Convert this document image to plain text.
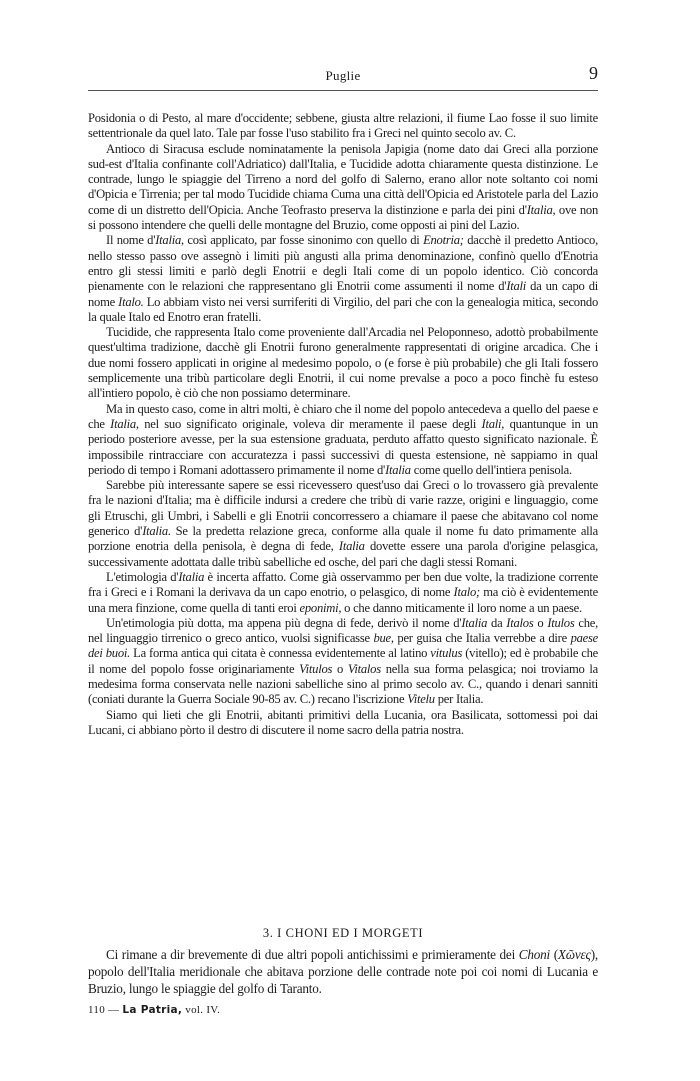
Puglie	9

Posidonia o di Pesto, al mare d'occidente; sebbene, giusta altre relazioni, il fiume Lao fosse il suo limite settentrionale da quel lato. Tale par fosse l'uso stabilito fra i Greci nel quinto secolo av. C.

Antioco di Siracusa esclude nominatamente la penisola Japigia (nome dato dai Greci alla porzione sud-est d'Italia confinante coll'Adriatico) dall'Italia, e Tucidide adotta chiaramente questa distinzione. Le contrade, lungo le spiaggie del Tirreno a nord del golfo di Salerno, erano allor note soltanto coi nomi d'Opicia e Tirrenia; per tal modo Tucidide chiama Cuma una città dell'Opicia ed Aristotele parla del Lazio come di un distretto dell'Opicia. Anche Teofrasto preserva la distinzione e parla dei pini d'Italia, ove non si possono intendere che quelli delle montagne del Bruzio, come opposti ai pini del Lazio.

Il nome d'Italia, così applicato, par fosse sinonimo con quello di Enotria; dacchè il predetto Antioco, nello stesso passo ove assegnò i limiti più angusti alla prima denominazione, confinò quello d'Enotria entro gli stessi limiti e parlò degli Enotrii e degli Itali come di un popolo identico. Ciò concorda pienamente con le relazioni che rappresentano gli Enotrii come assumenti il nome d'Itali da un capo di nome Italo. Lo abbiam visto nei versi surriferiti di Virgilio, del pari che con la genealogia mitica, secondo la quale Italo ed Enotro eran fratelli.

Tucidide, che rappresenta Italo come proveniente dall'Arcadia nel Peloponneso, adottò probabilmente quest'ultima tradizione, dacchè gli Enotrii furono generalmente rappresentati di origine arcadica. Che i due nomi fossero applicati in origine al medesimo popolo, o (e forse è più probabile) che gli Itali fossero semplicemente una tribù particolare degli Enotrii, il cui nome prevalse a poco a poco finchè fu esteso all'intiero popolo, è ciò che non possiamo determinare.

Ma in questo caso, come in altri molti, è chiaro che il nome del popolo antecedeva a quello del paese e che Italia, nel suo significato originale, voleva dir meramente il paese degli Itali, quantunque in un periodo posteriore avesse, per la sua estensione graduata, perduto affatto questo significato nazionale. È impossibile rintracciare con accuratezza i passi successivi di questa estensione, nè sappiamo in qual periodo di tempo i Romani adottassero primamente il nome d'Italia come quello dell'intiera penisola.

Sarebbe più interessante sapere se essi ricevessero quest'uso dai Greci o lo trovassero già prevalente fra le nazioni d'Italia; ma è difficile indursi a credere che tribù di varie razze, origini e linguaggio, come gli Etruschi, gli Umbri, i Sabelli e gli Enotrii concorressero a chiamare il paese che abitavano col nome generico d'Italia. Se la predetta relazione greca, conforme alla quale il nome fu dato primamente alla porzione enotria della penisola, è degna di fede, Italia dovette essere una parola d'origine pelasgica, successivamente adottata dalle tribù sabelliche ed osche, del pari che dagli stessi Romani.

L'etimologia d'Italia è incerta affatto. Come già osservammo per ben due volte, la tradizione corrente fra i Greci e i Romani la derivava da un capo enotrio, o pelasgico, di nome Italo; ma ciò è evidentemente una mera finzione, come quella di tanti eroi eponimi, o che danno miticamente il loro nome a un paese.

Un'etimologia più dotta, ma appena più degna di fede, derivò il nome d'Italia da Italos o Itulos che, nel linguaggio tirrenico o greco antico, vuolsi significasse bue, per guisa che Italia verrebbe a dire paese dei buoi. La forma antica qui citata è connessa evidentemente al latino vitulus (vitello); ed è probabile che il nome del popolo fosse originariamente Vitulos o Vitalos nella sua forma pelasgica; noi troviamo la medesima forma conservata nelle nazioni sabelliche sino al primo secolo av. C., quando i denari sanniti (coniati durante la Guerra Sociale 90-85 av. C.) recano l'iscrizione Vitelu per Italia.

Siamo qui lieti che gli Enotrii, abitanti primitivi della Lucania, ora Basilicata, sottomessi poi dai Lucani, ci abbiano pòrto il destro di discutere il nome sacro della patria nostra.

3. I CHONI ED I MORGETI

Ci rimane a dir brevemente di due altri popoli antichissimi e primieramente dei Choni (Χῶνες), popolo dell'Italia meridionale che abitava porzione delle contrade note poi coi nomi di Lucania e Bruzio, lungo le spiaggie del golfo di Taranto.

110 — La Patria, vol. IV.
